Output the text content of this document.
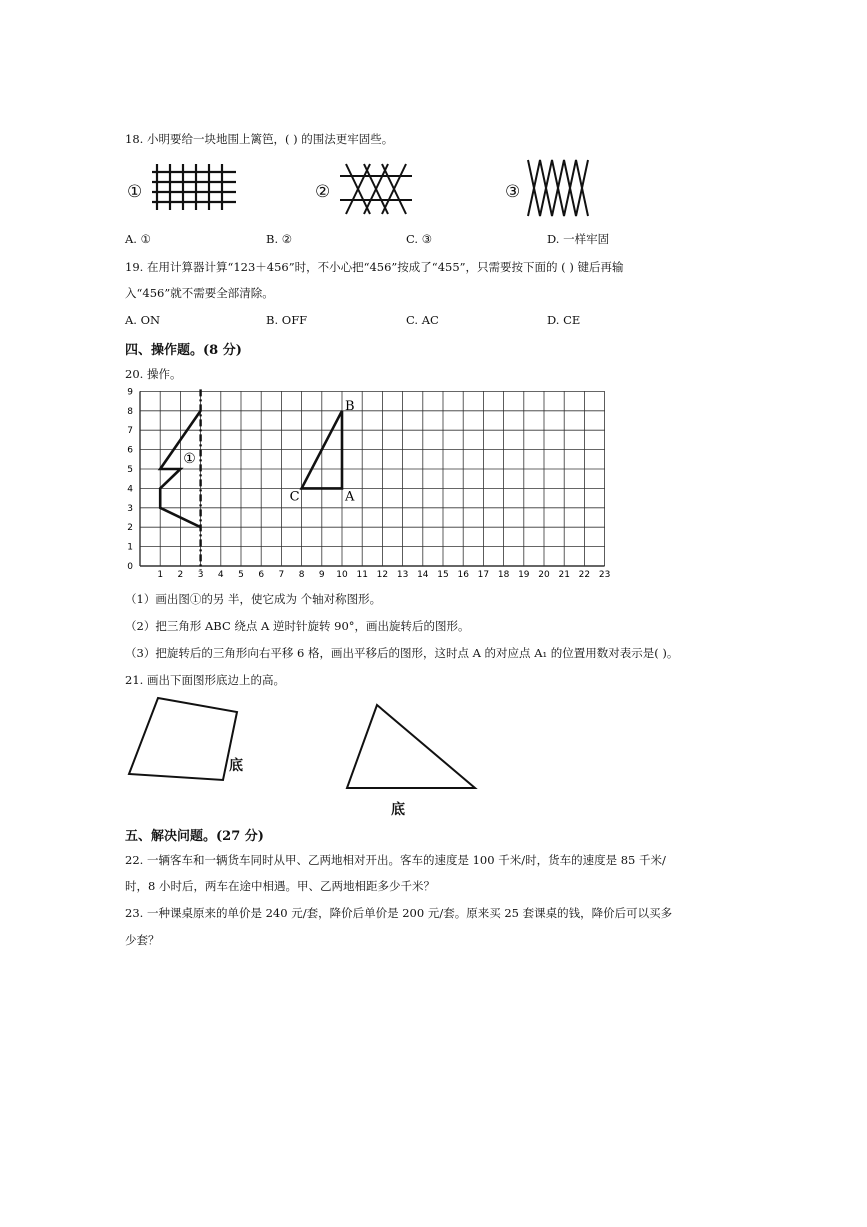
18. 小明要给一块地围上篱笆，( ) 的围法更牢固些。
①	②	③
A. ①	B. ②	C. ③	D. 一样牢固
19. 在用计算器计算“123＋456”时，不小心把“456”按成了“455”，只需要按下面的 ( ) 键后再输
入“456”就不需要全部清除。
A. ON	B. OFF	C. AC	D. CE
四、操作题。(8 分)
20. 操作。
1 2 3 4 5 6 7 8 9 10 11 12 13 14 15 16 17 18 19 20 21 22 23
0
1
2
3
4
5
6
7
8
9
①
A
B
C
（1）画出图①的另 半，使它成为 个轴对称图形。
（2）把三角形 ABC 绕点 A 逆时针旋转 90°，画出旋转后的图形。
（3）把旋转后的三角形向右平移 6 格，画出平移后的图形，这时点 A 的对应点 A₁ 的位置用数对表示是( )。
21. 画出下面图形底边上的高。
底
底
五、解决问题。(27 分)
22. 一辆客车和一辆货车同时从甲、乙两地相对开出。客车的速度是 100 千米/时，货车的速度是 85 千米/
时，8 小时后，两车在途中相遇。甲、乙两地相距多少千米？
23. 一种课桌原来的单价是 240 元/套，降价后单价是 200 元/套。原来买 25 套课桌的钱，降价后可以买多
少套？
